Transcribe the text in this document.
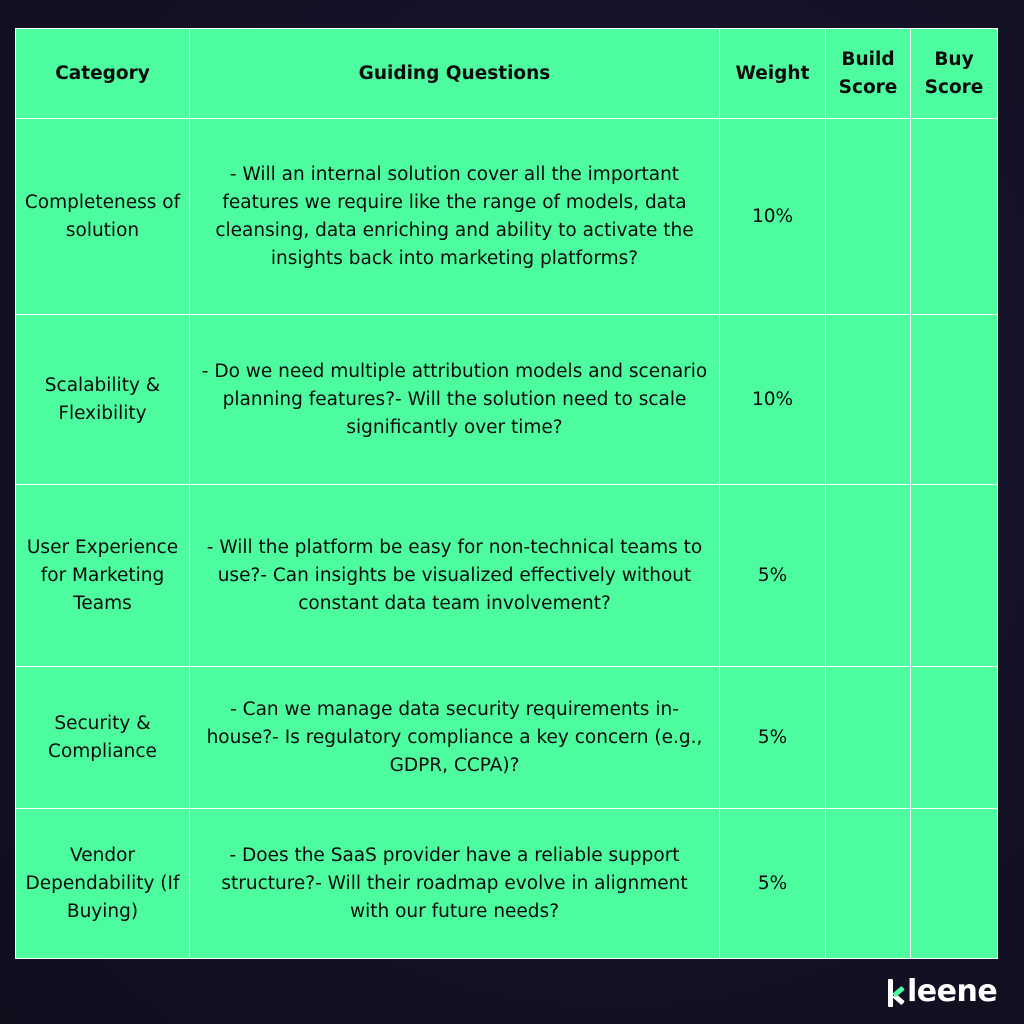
Category	Guiding Questions	Weight	Build Score	Buy Score
Completeness of solution	- Will an internal solution cover all the important features we require like the range of models, data cleansing, data enriching and ability to activate the insights back into marketing platforms?	10%		
Scalability & Flexibility	- Do we need multiple attribution models and scenario planning features?- Will the solution need to scale significantly over time?	10%		
User Experience for Marketing Teams	- Will the platform be easy for non-technical teams to use?- Can insights be visualized effectively without constant data team involvement?	5%		
Security & Compliance	- Can we manage data security requirements in-house?- Is regulatory compliance a key concern (e.g., GDPR, CCPA)?	5%		
Vendor Dependability (If Buying)	- Does the SaaS provider have a reliable support structure?- Will their roadmap evolve in alignment with our future needs?	5%		
leene
